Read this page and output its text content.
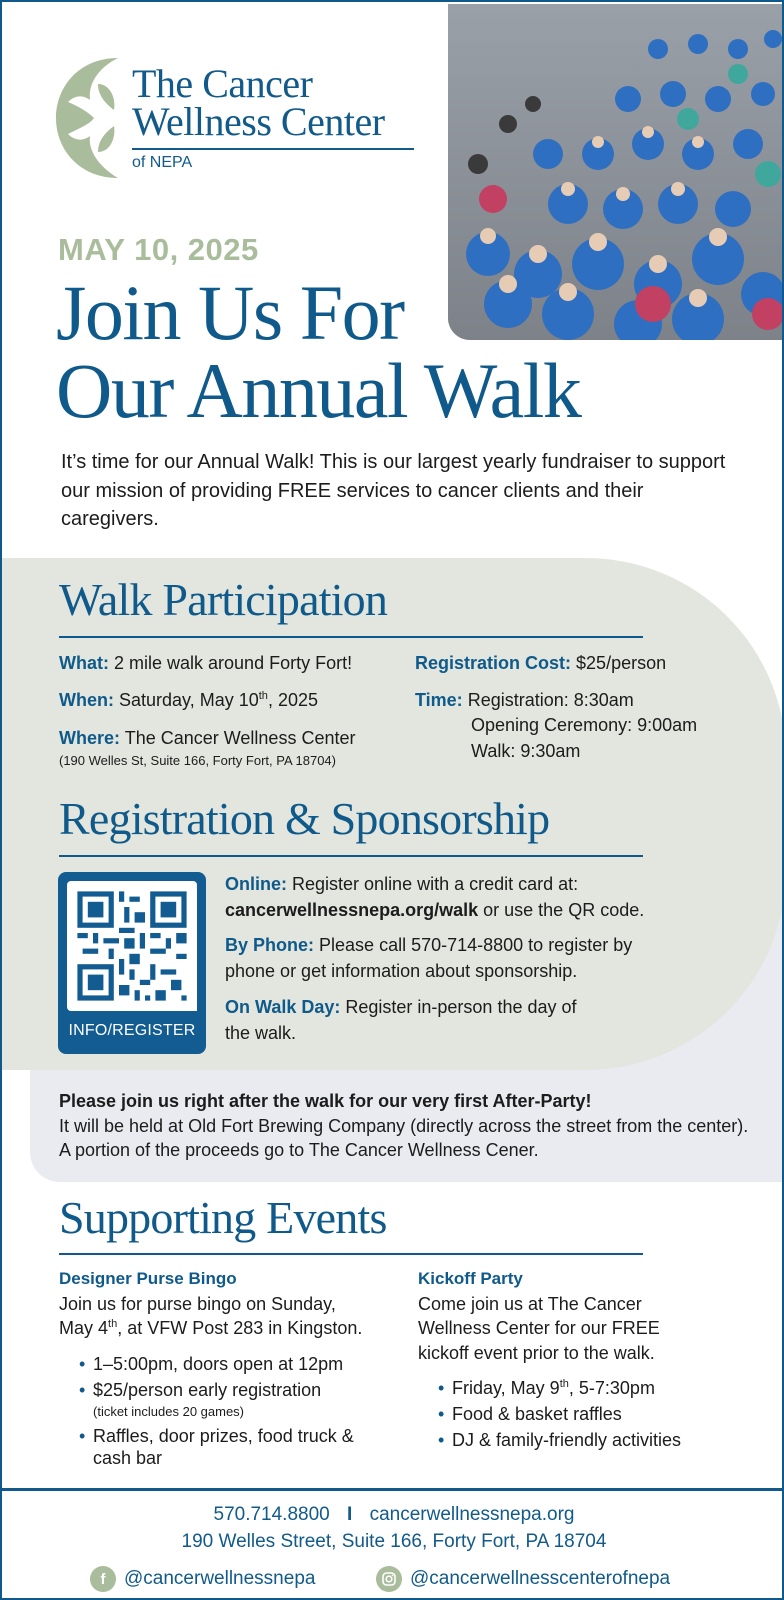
The Cancer
Wellness Center
of NEPA
MAY 10, 2025
Join Us For
Our Annual Walk
It’s time for our Annual Walk! This is our largest yearly fundraiser to support our mission of providing FREE services to cancer clients and their caregivers.
Walk Participation
What: 2 mile walk around Forty Fort!
When: Saturday, May 10th, 2025
Where: The Cancer Wellness Center
(190 Welles St, Suite 166, Forty Fort, PA 18704)
Registration Cost: $25/person
Time: Registration: 8:30am
Opening Ceremony: 9:00am
Walk: 9:30am
Registration & Sponsorship
INFO/REGISTER
Online: Register online with a credit card at:
cancerwellnessnepa.org/walk or use the QR code.
By Phone: Please call 570-714-8800 to register by
phone or get information about sponsorship.
On Walk Day: Register in-person the day of
the walk.
Please join us right after the walk for our very first After-Party!
It will be held at Old Fort Brewing Company (directly across the street from the center). A portion of the proceeds go to The Cancer Wellness Cener.
Supporting Events
Designer Purse Bingo
Join us for purse bingo on Sunday,
May 4th, at VFW Post 283 in Kingston.
• 1–5:00pm, doors open at 12pm
• $25/person early registration
(ticket includes 20 games)
• Raffles, door prizes, food truck & cash bar
Kickoff Party
Come join us at The Cancer
Wellness Center for our FREE
kickoff event prior to the walk.
• Friday, May 9th, 5-7:30pm
• Food & basket raffles
• DJ & family-friendly activities
570.714.8800 I cancerwellnessnepa.org
190 Welles Street, Suite 166, Forty Fort, PA 18704
f @cancerwellnessnepa	@cancerwellnesscenterofnepa
